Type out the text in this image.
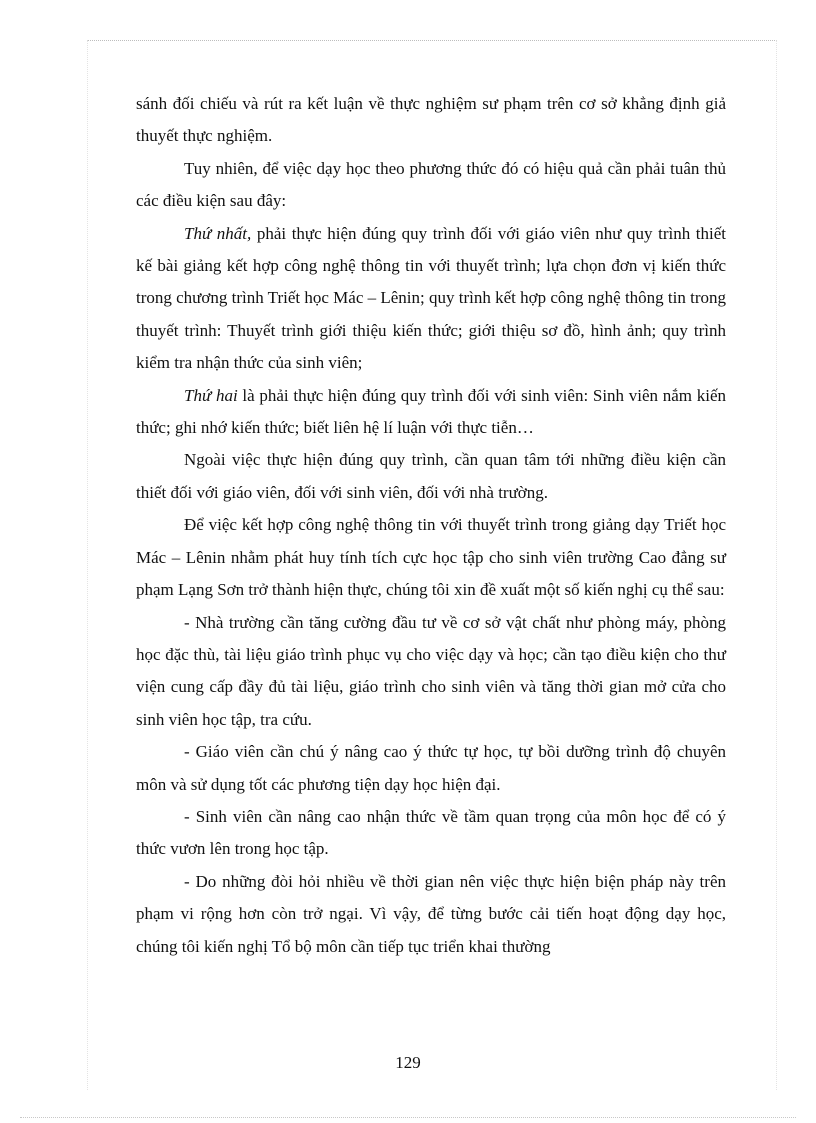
sánh đối chiếu và rút ra kết luận về thực nghiệm sư phạm trên cơ sở khẳng định giả thuyết thực nghiệm.

Tuy nhiên, để việc dạy học theo phương thức đó có hiệu quả cần phải tuân thủ các điều kiện sau đây:

Thứ nhất, phải thực hiện đúng quy trình đối với giáo viên như quy trình thiết kế bài giảng kết hợp công nghệ thông tin với thuyết trình; lựa chọn đơn vị kiến thức trong chương trình Triết học Mác – Lênin; quy trình kết hợp công nghệ thông tin trong thuyết trình: Thuyết trình giới thiệu kiến thức; giới thiệu sơ đồ, hình ảnh; quy trình kiểm tra nhận thức của sinh viên;

Thứ hai là phải thực hiện đúng quy trình đối với sinh viên: Sinh viên nắm kiến thức; ghi nhớ kiến thức; biết liên hệ lí luận với thực tiễn…

Ngoài việc thực hiện đúng quy trình, cần quan tâm tới những điều kiện cần thiết đối với giáo viên, đối với sinh viên, đối với nhà trường.

Để việc kết hợp công nghệ thông tin với thuyết trình trong giảng dạy Triết học Mác – Lênin nhằm phát huy tính tích cực học tập cho sinh viên trường Cao đẳng sư phạm Lạng Sơn trở thành hiện thực, chúng tôi xin đề xuất một số kiến nghị cụ thể sau:

- Nhà trường cần tăng cường đầu tư về cơ sở vật chất như phòng máy, phòng học đặc thù, tài liệu giáo trình phục vụ cho việc dạy và học; cần tạo điều kiện cho thư viện cung cấp đầy đủ tài liệu, giáo trình cho sinh viên và tăng thời gian mở cửa cho sinh viên học tập, tra cứu.

- Giáo viên cần chú ý nâng cao ý thức tự học, tự bồi dưỡng trình độ chuyên môn và sử dụng tốt các phương tiện dạy học hiện đại.

- Sinh viên cần nâng cao nhận thức về tầm quan trọng của môn học để có ý thức vươn lên trong học tập.

- Do những đòi hỏi nhiều về thời gian nên việc thực hiện biện pháp này trên phạm vi rộng hơn còn trở ngại. Vì vậy, để từng bước cải tiến hoạt động dạy học, chúng tôi kiến nghị Tổ bộ môn cần tiếp tục triển khai thường

129
